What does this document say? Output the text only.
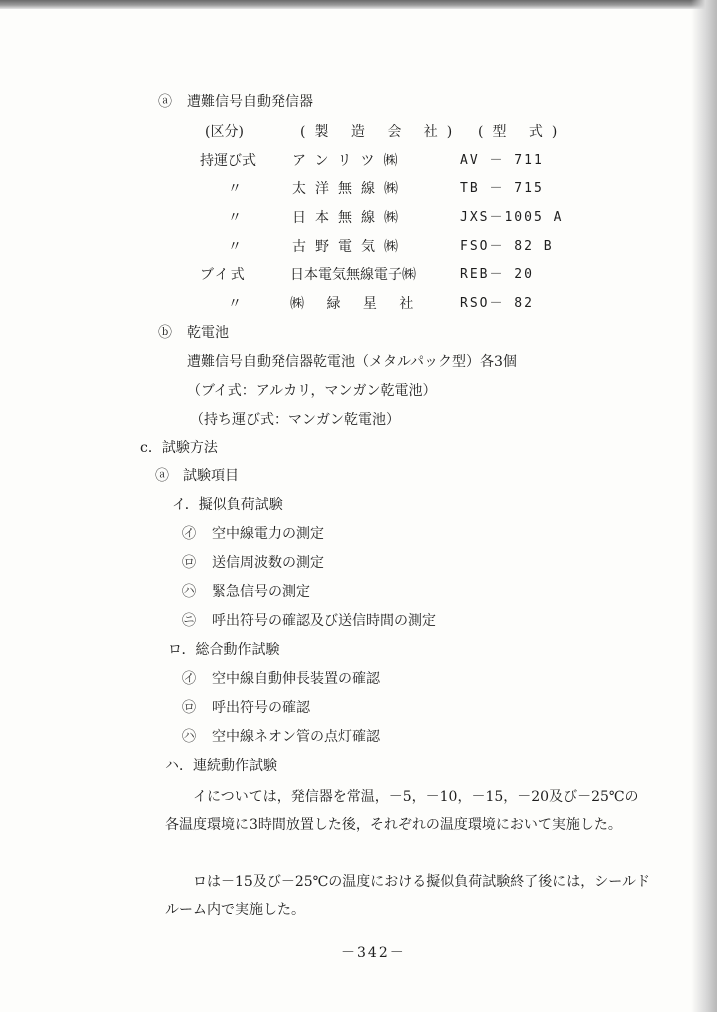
ⓐ 遭難信号自動発信器
(区分)	(製 造 会 社) (型 式)
持運び式	アンリツ㈱	AV － 711
〃	太洋無線㈱	TB － 715
〃	日本無線㈱	JXS－1005 A
〃	古野電気㈱	FSO－ 82 B
ブイ式	日本電気無線電子㈱	REB－ 20
〃	㈱ 緑 星 社	RSO－ 82
ⓑ 乾電池
遭難信号自動発信器乾電池（メタルパック型）各3個
（ブイ式：アルカリ，マンガン乾電池）
（持ち運び式：マンガン乾電池）
c．試験方法
ⓐ 試験項目
イ．擬似負荷試験
㋑ 空中線電力の測定
㋺ 送信周波数の測定
㋩ 緊急信号の測定
㋥ 呼出符号の確認及び送信時間の測定
ロ．総合動作試験
㋑ 空中線自動伸長装置の確認
㋺ 呼出符号の確認
㋩ 空中線ネオン管の点灯確認
ハ．連続動作試験
イについては，発信器を常温，－5，－10，－15，－20及び－25℃の各温度環境に3時間放置した後，それぞれの温度環境において実施した。
ロは－15及び－25℃の温度における擬似負荷試験終了後には，シールドルーム内で実施した。
－342－
